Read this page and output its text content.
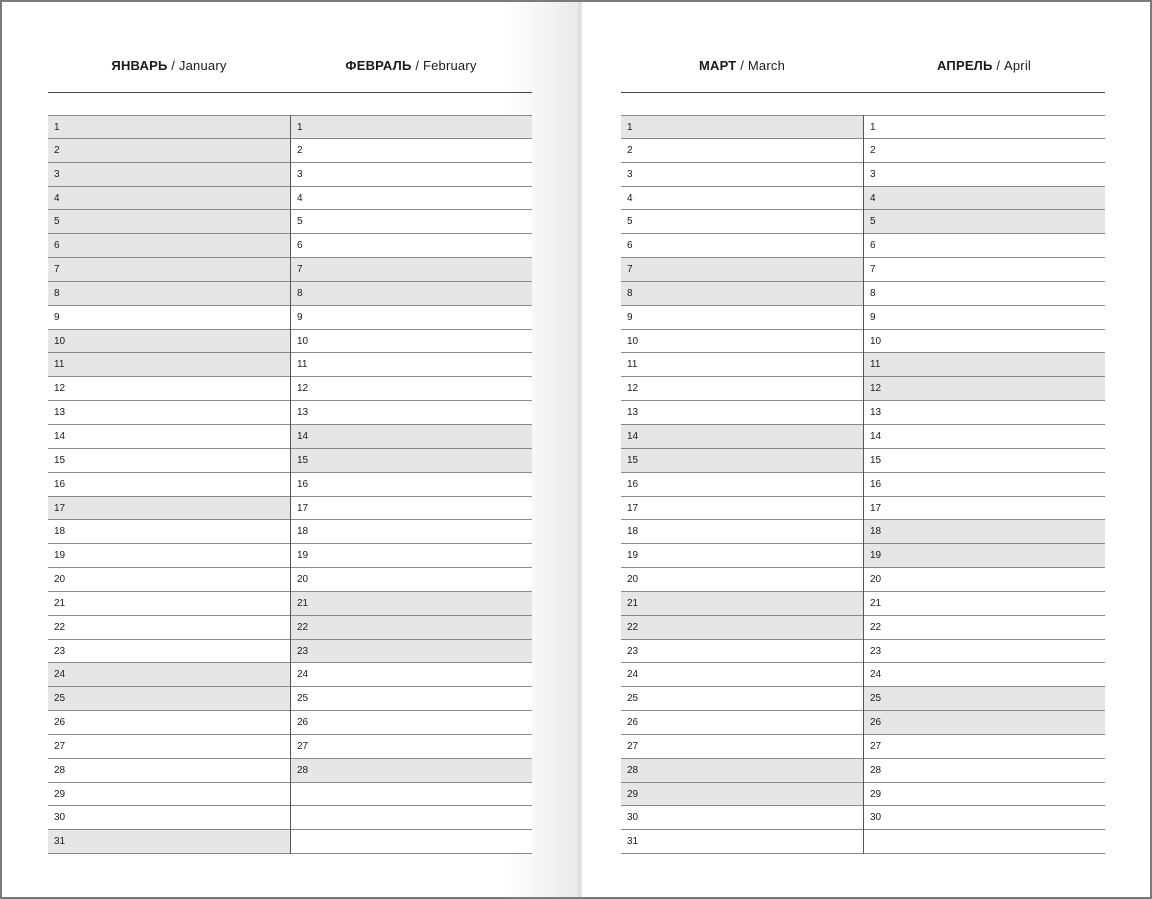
ЯНВАРЬ / January	ФЕВРАЛЬ / February
1
2
3
4
5
6
7
8
9
10
11
12
13
14
15
16
17
18
19
20
21
22
23
24
25
26
27
28
29
30
31
1
2
3
4
5
6
7
8
9
10
11
12
13
14
15
16
17
18
19
20
21
22
23
24
25
26
27
28
МАРТ / March	АПРЕЛЬ / April
1
2
3
4
5
6
7
8
9
10
11
12
13
14
15
16
17
18
19
20
21
22
23
24
25
26
27
28
29
30
31
1
2
3
4
5
6
7
8
9
10
11
12
13
14
15
16
17
18
19
20
21
22
23
24
25
26
27
28
29
30
